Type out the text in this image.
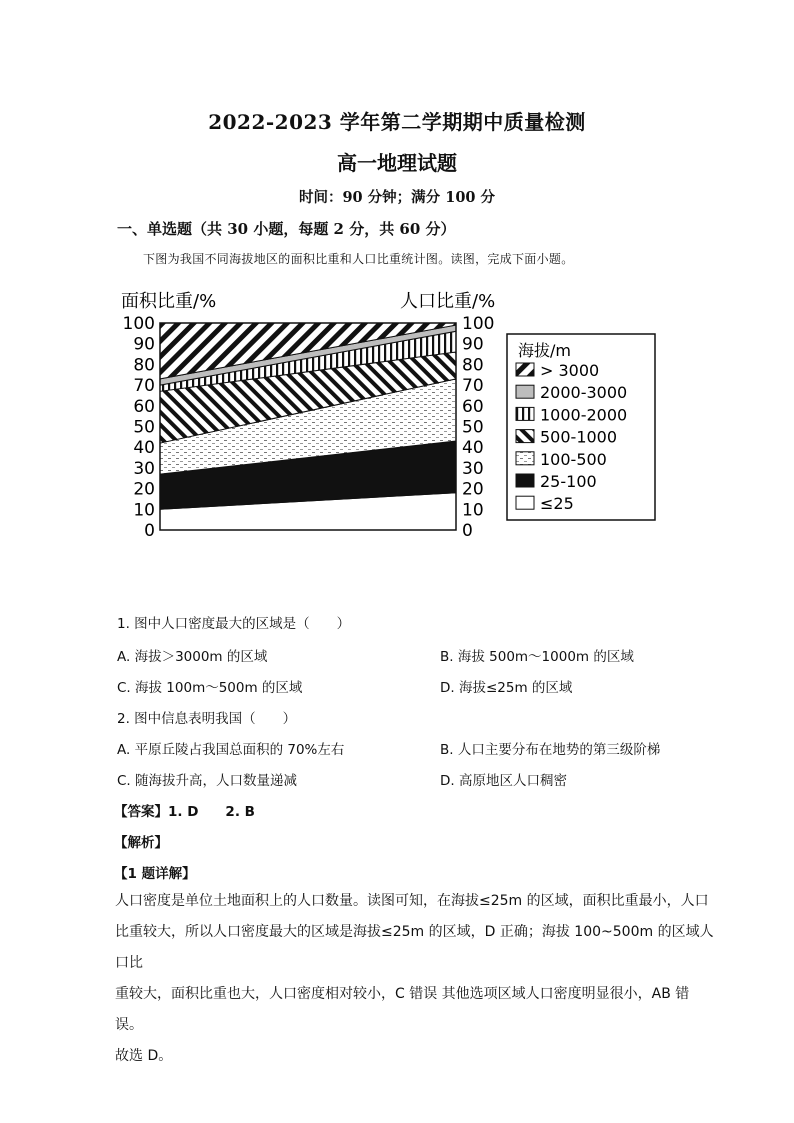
2022-2023 学年第二学期期中质量检测
高一地理试题
时间：90 分钟；满分 100 分
一、单选题（共 30 小题，每题 2 分，共 60 分）
下图为我国不同海拔地区的面积比重和人口比重统计图。读图，完成下面小题。
0	0
10	10
20	20
30	30
40	40
50	50
60	60
70	70
80	80
90	90
100	100
面积比重/%	人口比重/%
海拔/m
> 3000
2000-3000
1000-2000
500-1000
100-500
25-100
≤25
1. 图中人口密度最大的区域是（　　）
A. 海拔＞3000m 的区域	B. 海拔 500m～1000m 的区域
C. 海拔 100m～500m 的区域	D. 海拔≤25m 的区域
2. 图中信息表明我国（　　）
A. 平原丘陵占我国总面积的 70%左右	B. 人口主要分布在地势的第三级阶梯
C. 随海拔升高，人口数量递减	D. 高原地区人口稠密
【答案】1. D　　2. B
【解析】
【1 题详解】
人口密度是单位土地面积上的人口数量。读图可知，在海拔≤25m 的区域，面积比重最小，人口
比重较大，所以人口密度最大的区域是海拔≤25m 的区域，D 正确；海拔 100~500m 的区域人口比
重较大，面积比重也大，人口密度相对较小，C 错误 其他选项区域人口密度明显很小，AB 错误。
故选 D。
